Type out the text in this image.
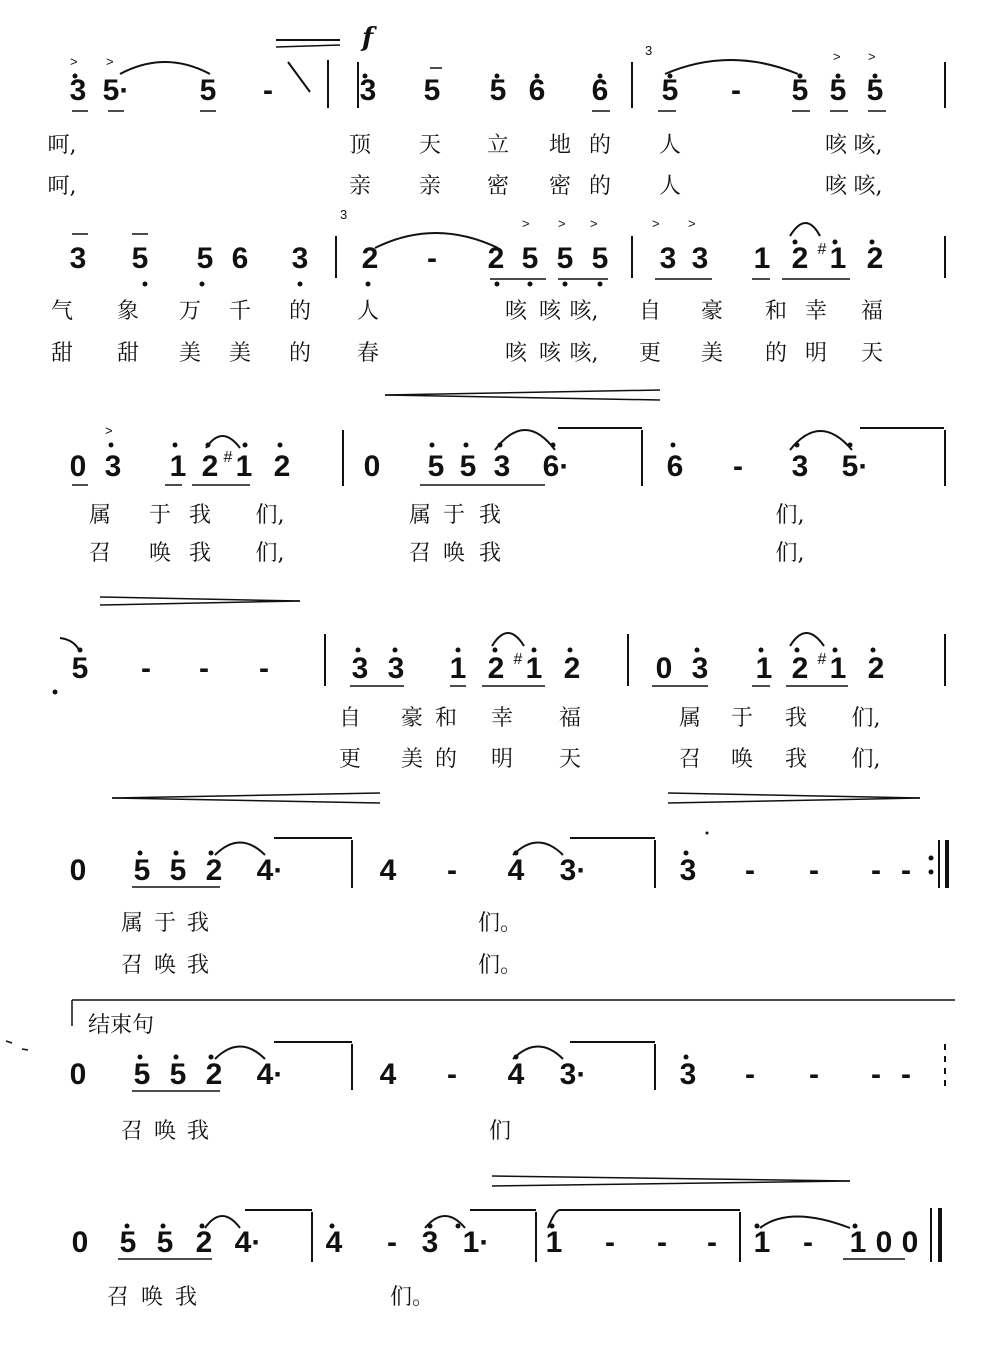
> >	> >
> > >	> >
>
f	3
3
结束句
3 5· 5 -	3 5 5 6 6 5 - 5 5 5
呵,	顶 天 立 地 的 人	咳 咳,
呵,	亲 亲 密 密 的 人	咳 咳,
3 5 5 6 3 2 - 2 5 5 5 3 3 1 2 # 1 2
气 象 万 千 的 人	咳 咳 咳, 自 豪 和 幸 福
甜 甜 美 美 的 春	咳 咳 咳, 更 美 的 明 天
0 3 1 2 # 1 2 0 5 5 3 6·	6 - 3 5·
属 于 我 们,	属 于 我	们,
召 唤 我 们,	召 唤 我	们,
5 - - -	3 3 1 2 # 1 2	0 3 1 2 # 1 2
自 豪 和 幸 福	属 于 我 们,
更 美 的 明 天	召 唤 我 们,
0 5 5 2 4·	4 - 4 3·	3 - - - -
属 于 我	们。
召 唤 我	们。
0 5 5 2 4·	4 - 4 3·	3 - - - -
召 唤 我	们
0 5 5 2 4· 4 - 3 1· 1 - - - 1 - 1 0 0
召 唤 我	们。
